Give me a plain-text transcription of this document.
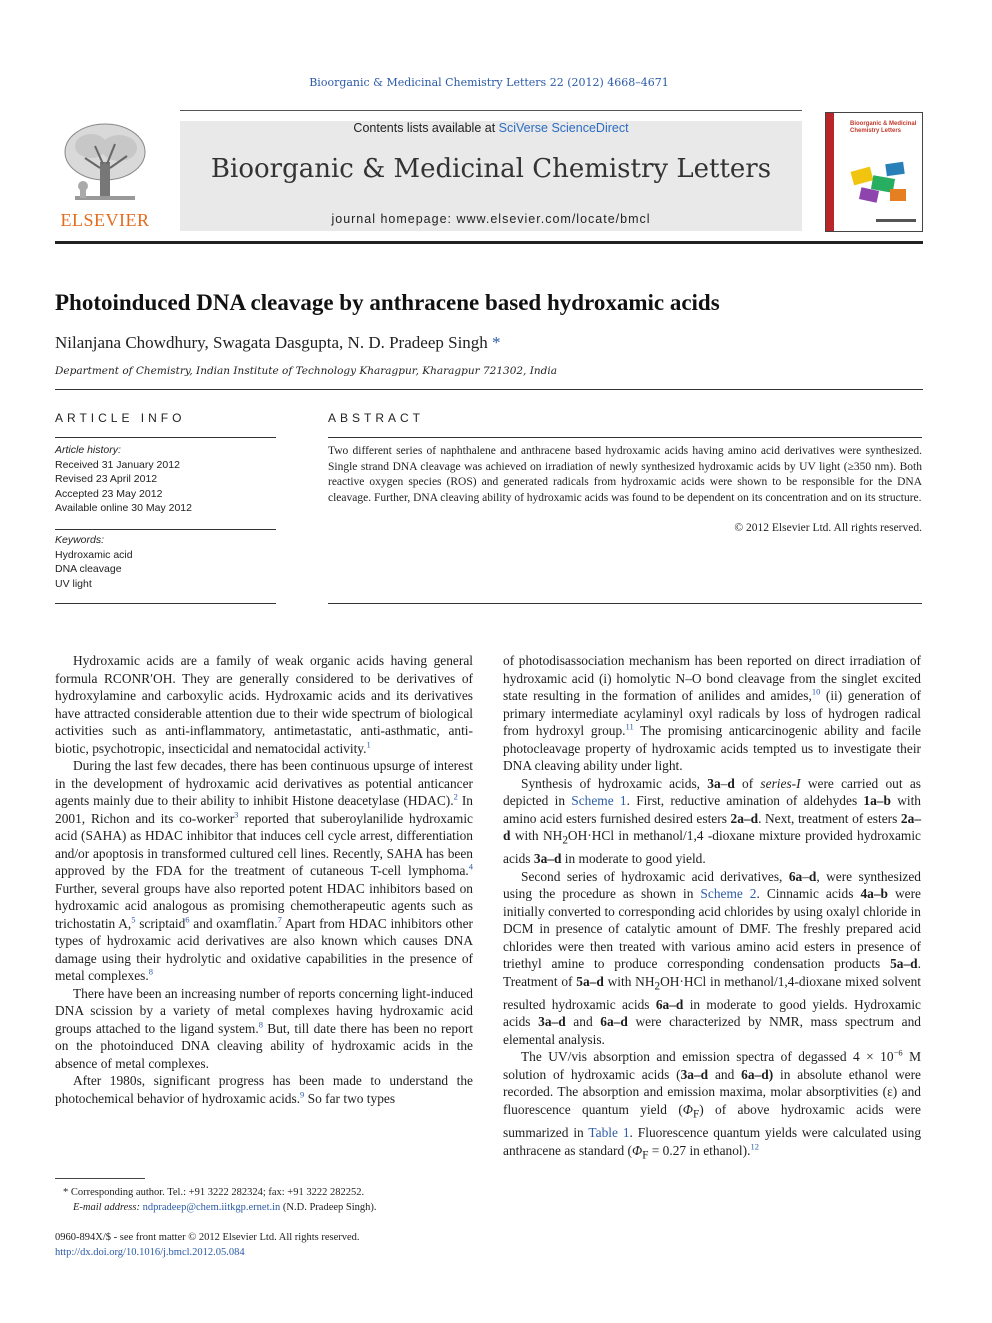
Bioorganic & Medicinal Chemistry Letters 22 (2012) 4668–4671
ELSEVIER
Contents lists available at SciVerse ScienceDirect
Bioorganic & Medicinal Chemistry Letters
journal homepage: www.elsevier.com/locate/bmcl
Bioorganic & Medicinal Chemistry Letters
Photoinduced DNA cleavage by anthracene based hydroxamic acids
Nilanjana Chowdhury, Swagata Dasgupta, N. D. Pradeep Singh *
Department of Chemistry, Indian Institute of Technology Kharagpur, Kharagpur 721302, India
ARTICLE INFO
Article history:
Received 31 January 2012
Revised 23 April 2012
Accepted 23 May 2012
Available online 30 May 2012
Keywords:
Hydroxamic acid
DNA cleavage
UV light
ABSTRACT
Two different series of naphthalene and anthracene based hydroxamic acids having amino acid derivatives were synthesized. Single strand DNA cleavage was achieved on irradiation of newly synthesized hydroxamic acids by UV light (≥350 nm). Both reactive oxygen species (ROS) and generated radicals from hydroxamic acids were shown to be responsible for the DNA cleavage. Further, DNA cleaving ability of hydroxamic acids was found to be dependent on its concentration and on its structure.
© 2012 Elsevier Ltd. All rights reserved.

Hydroxamic acids are a family of weak organic acids having general formula RCONR′OH. They are generally considered to be derivatives of hydroxylamine and carboxylic acids. Hydroxamic acids and its derivatives have attracted considerable attention due to their wide spectrum of biological activities such as anti-inflammatory, antimetastatic, anti-asthmatic, anti-biotic, psychotropic, insecticidal and nematocidal activity.$^1$

During the last few decades, there has been continuous upsurge of interest in the development of hydroxamic acid derivatives as potential anticancer agents mainly due to their ability to inhibit Histone deacetylase (HDAC).$^2$ In 2001, Richon and its co-worker$^3$ reported that suberoylanilide hydroxamic acid (SAHA) as HDAC inhibitor that induces cell cycle arrest, differentiation and/or apoptosis in transformed cultured cell lines. Recently, SAHA has been approved by the FDA for the treatment of cutaneous T-cell lymphoma.$^4$ Further, several groups have also reported potent HDAC inhibitors based on hydroxamic acid analogous as promising chemotherapeutic agents such as trichostatin A,$^5$ scriptaid$^6$ and oxamflatin.$^7$ Apart from HDAC inhibitors other types of hydroxamic acid derivatives are also known which causes DNA damage using their hydrolytic and oxidative capabilities in the presence of metal complexes.$^8$

There have been an increasing number of reports concerning light-induced DNA scission by a variety of metal complexes having hydroxamic acid groups attached to the ligand system.$^8$ But, till date there has been no report on the photoinduced DNA cleaving ability of hydroxamic acids in the absence of metal complexes.

After 1980s, significant progress has been made to understand the photochemical behavior of hydroxamic acids.$^9$ So far two types

of photodisassociation mechanism has been reported on direct irradiation of hydroxamic acid (i) homolytic N–O bond cleavage from the singlet excited state resulting in the formation of anilides and amides,$^{10}$ (ii) generation of primary intermediate acylaminyl oxyl radicals by loss of hydrogen radical from hydroxyl group.$^{11}$ The promising anticarcinogenic ability and facile photocleavage property of hydroxamic acids tempted us to investigate their DNA cleaving ability under light.

Synthesis of hydroxamic acids, 3a–d of series-I were carried out as depicted in Scheme 1. First, reductive amination of aldehydes 1a–b with amino acid esters furnished desired esters 2a–d. Next, treatment of esters 2a–d with $NH_2OH\cdot HCl$ in methanol/1,4 -dioxane mixture provided hydroxamic acids 3a–d in moderate to good yield.

Second series of hydroxamic acid derivatives, 6a–d, were synthesized using the procedure as shown in Scheme 2. Cinnamic acids 4a–b were initially converted to corresponding acid chlorides by using oxalyl chloride in DCM in presence of catalytic amount of DMF. The freshly prepared acid chlorides were then treated with various amino acid esters in presence of triethyl amine to produce corresponding condensation products 5a–d. Treatment of 5a–d with $NH_2OH\cdot HCl$ in methanol/1,4-dioxane mixed solvent resulted hydroxamic acids 6a–d in moderate to good yields. Hydroxamic acids 3a–d and 6a–d were characterized by NMR, mass spectrum and elemental analysis.

The UV/vis absorption and emission spectra of degassed $4 \times 10^{-6}$ M solution of hydroxamic acids (3a–d and 6a–d) in absolute ethanol were recorded. The absorption and emission maxima, molar absorptivities (ε) and fluorescence quantum yield $(\Phi_F)$ of above hydroxamic acids were summarized in Table 1. Fluorescence quantum yields were calculated using anthracene as standard ($\Phi_F = 0.27$ in ethanol).$^{12}$

* Corresponding author. Tel.: +91 3222 282324; fax: +91 3222 282252.
E-mail address: ndpradeep@chem.iitkgp.ernet.in (N.D. Pradeep Singh).
0960-894X/$ - see front matter © 2012 Elsevier Ltd. All rights reserved.
http://dx.doi.org/10.1016/j.bmcl.2012.05.084
